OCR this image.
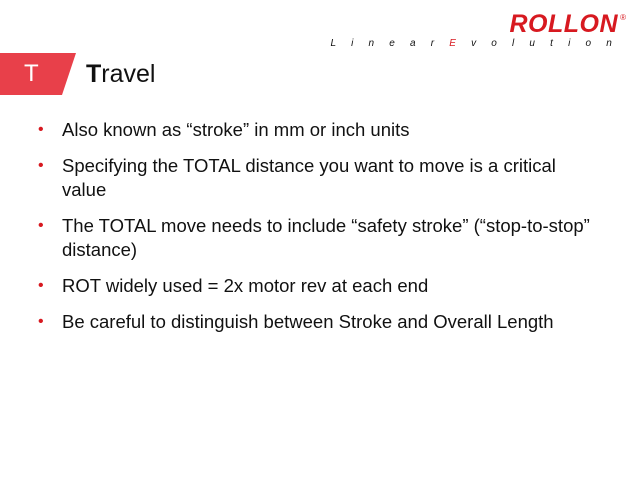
ROLLON ®
L i n e a r E v o l u t i o n
T Travel
• Also known as “stroke” in mm or inch units
• Specifying the TOTAL distance you want to move is a critical value
• The TOTAL move needs to include “safety stroke” (“stop-to-stop” distance)
• ROT widely used = 2x motor rev at each end
• Be careful to distinguish between Stroke and Overall Length
